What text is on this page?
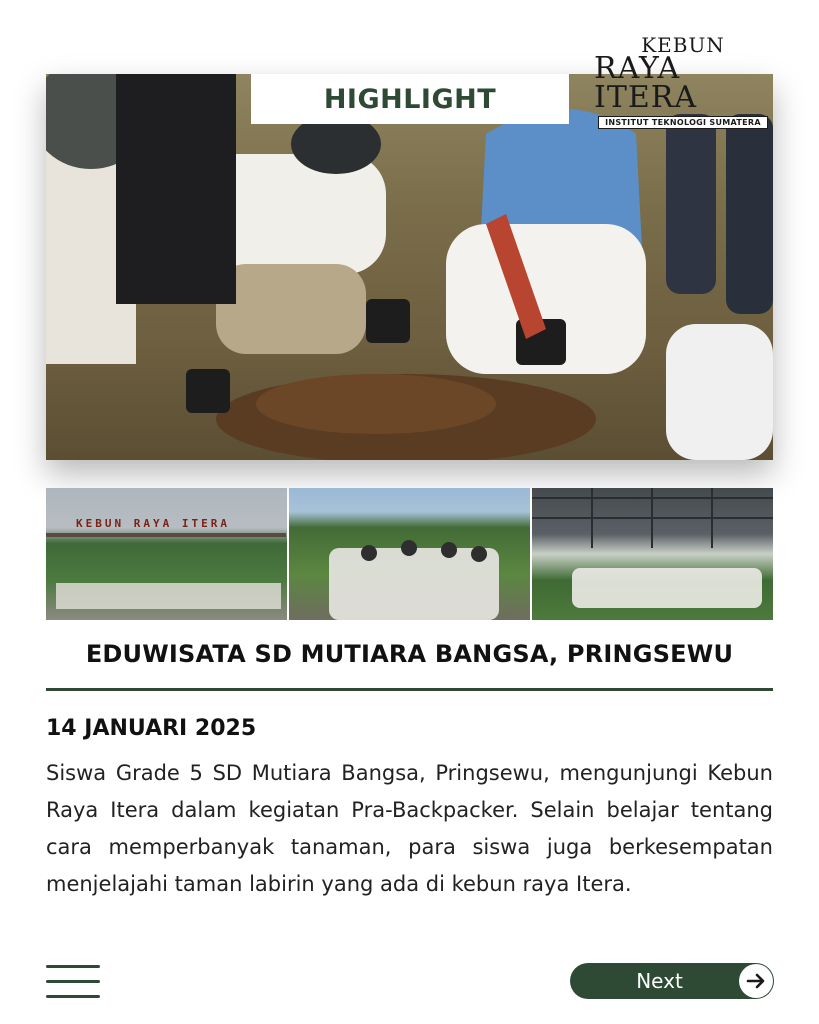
HIGHLIGHT
KEBUN
RAYA ITERA
INSTITUT TEKNOLOGI SUMATERA
KEBUN RAYA ITERA
EDUWISATA SD MUTIARA BANGSA, PRINGSEWU
14 JANUARI 2025
Siswa Grade 5 SD Mutiara Bangsa, Pringsewu, mengunjungi Kebun Raya Itera dalam kegiatan Pra-Backpacker. Selain belajar tentang cara memperbanyak tanaman, para siswa juga berkesempatan menjelajahi taman labirin yang ada di kebun raya Itera.
Next
